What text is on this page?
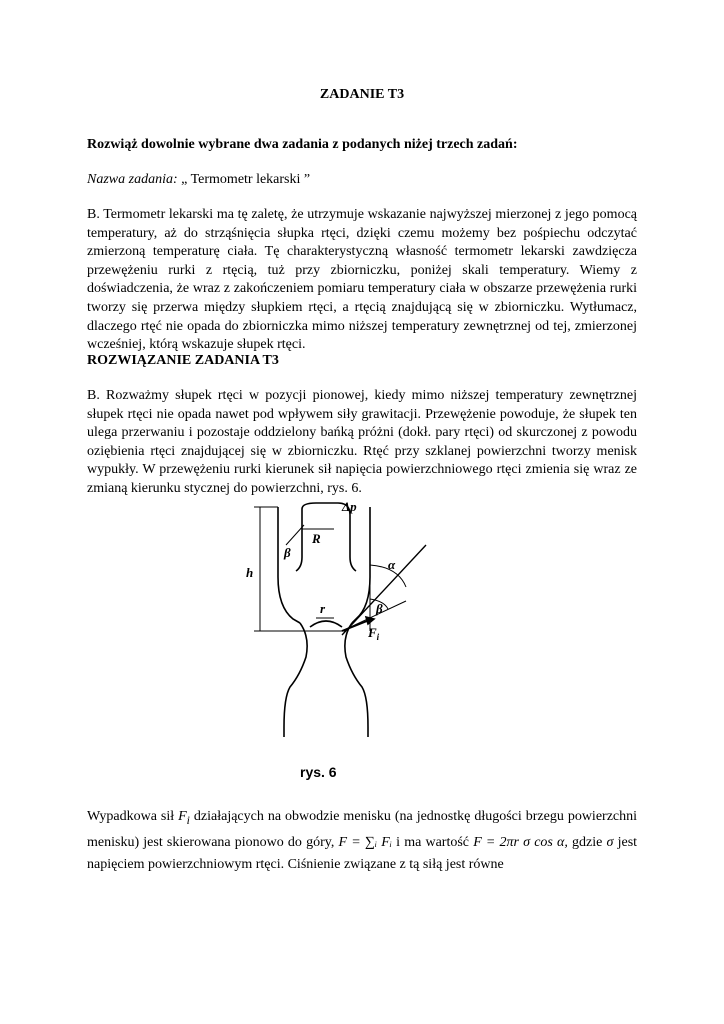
ZADANIE T3
Rozwiąż dowolnie wybrane dwa zadania z podanych niżej trzech zadań:
Nazwa zadania: „ Termometr lekarski ”
B. Termometr lekarski ma tę zaletę, że utrzymuje wskazanie najwyższej mierzonej z jego pomocą temperatury, aż do strząśnięcia słupka rtęci, dzięki czemu możemy bez pośpiechu odczytać zmierzoną temperaturę ciała. Tę charakterystyczną własność termometr lekarski zawdzięcza przewężeniu rurki z rtęcią, tuż przy zbiorniczku, poniżej skali temperatury. Wiemy z doświadczenia, że wraz z zakończeniem pomiaru temperatury ciała w obszarze przewężenia rurki tworzy się przerwa między słupkiem rtęci, a rtęcią znajdującą się w zbiorniczku. Wytłumacz, dlaczego rtęć nie opada do zbiorniczka mimo niższej temperatury zewnętrznej od tej, zmierzonej wcześniej, którą wskazuje słupek rtęci.
ROZWIĄZANIE ZADANIA T3
B. Rozważmy słupek rtęci w pozycji pionowej, kiedy mimo niższej temperatury zewnętrznej słupek rtęci nie opada nawet pod wpływem siły grawitacji. Przewężenie powoduje, że słupek ten ulega przerwaniu i pozostaje oddzielony bańką próżni (dokł. pary rtęci) od skurczonej z powodu oziębienia rtęci znajdującej się w zbiorniczku. Rtęć przy szklanej powierzchni tworzy menisk wypukły. W przewężeniu rurki kierunek sił napięcia powierzchniowego rtęci zmienia się wraz ze zmianą kierunku stycznej do powierzchni, rys. 6.
Δp
R
β
h
α
β
r
$F_i$
rys. 6
Wypadkowa sił $F_i$ działających na obwodzie menisku (na jednostkę długości brzegu powierzchni menisku) jest skierowana pionowo do góry, F = ∑ᵢ Fᵢ i ma wartość F = 2πr σ cos α, gdzie σ jest napięciem powierzchniowym rtęci. Ciśnienie związane z tą siłą jest równe
